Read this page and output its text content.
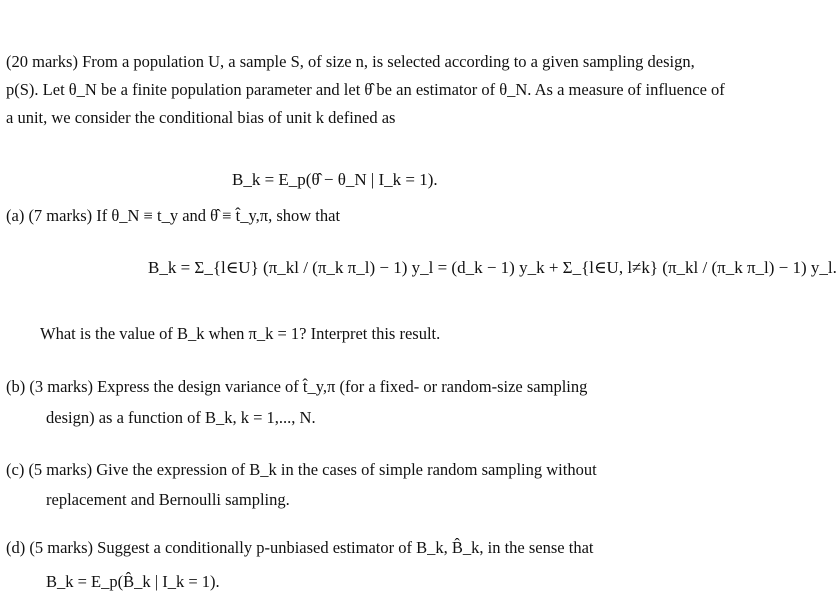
(20 marks) From a population U, a sample S, of size n, is selected according to a given sampling design, p(S). Let θ_N be a finite population parameter and let θ̂ be an estimator of θ_N. As a measure of influence of a unit, we consider the conditional bias of unit k defined as
B_k = E_p(θ̂ − θ_N | I_k = 1).
(a) (7 marks) If θ_N ≡ t_y and θ̂ ≡ t̂_y,π, show that
B_k = Σ_{l∈U} (π_kl / (π_k π_l) − 1) y_l = (d_k − 1) y_k + Σ_{l∈U, l≠k} (π_kl / (π_k π_l) − 1) y_l.
What is the value of B_k when π_k = 1? Interpret this result.
(b) (3 marks) Express the design variance of t̂_y,π (for a fixed- or random-size sampling
design) as a function of B_k, k = 1,..., N.
(c) (5 marks) Give the expression of B_k in the cases of simple random sampling without
replacement and Bernoulli sampling.
(d) (5 marks) Suggest a conditionally p-unbiased estimator of B_k, B̂_k, in the sense that
B_k = E_p(B̂_k | I_k = 1).
